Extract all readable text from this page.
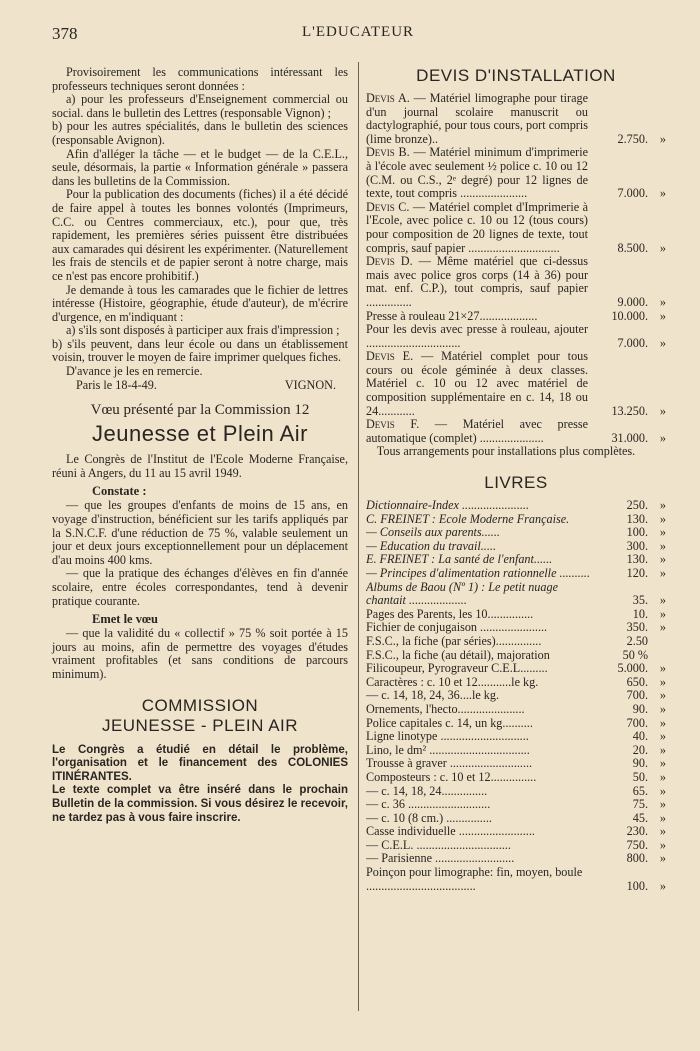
378	L'EDUCATEUR

Provisoirement les communications intéressant les professeurs techniques seront données :

a) pour les professeurs d'Enseignement commercial ou social. dans le bulletin des Lettres (responsable Vignon) ;

b) pour les autres spécialités, dans le bulletin des sciences (responsable Avignon).

Afin d'alléger la tâche — et le budget — de la C.E.L., seule, désormais, la partie « Information générale » passera dans les bulletins de la Commission.

Pour la publication des documents (fiches) il a été décidé de faire appel à toutes les bonnes volontés (Imprimeurs, C.C. ou Centres commerciaux, etc.), pour que, très rapidement, les premières séries puissent être distribuées aux camarades qui désirent les expérimenter. (Naturellement les frais de stencils et de papier seront à notre charge, mais ce n'est pas encore prohibitif.)

Je demande à tous les camarades que le fichier de lettres intéresse (Histoire, géographie, étude d'auteur), de m'écrire d'urgence, en m'indiquant :

a) s'ils sont disposés à participer aux frais d'impression ;

b) s'ils peuvent, dans leur école ou dans un établissement voisin, trouver le moyen de faire imprimer quelques fiches.

D'avance je les en remercie.

Paris le 18-4-49.	VIGNON.
Vœu présenté par la Commission 12
Jeunesse et Plein Air

Le Congrès de l'Institut de l'Ecole Moderne Française, réuni à Angers, du 11 au 15 avril 1949.

Constate :

— que les groupes d'enfants de moins de 15 ans, en voyage d'instruction, bénéficient sur les tarifs appliqués par la S.N.C.F. d'une réduction de 75 %, valable seulement un jour et deux jours exceptionnellement pour un déplacement d'au moins 400 kms.

— que la pratique des échanges d'élèves en fin d'année scolaire, entre écoles correspondantes, tend à devenir pratique courante.

Emet le vœu

— que la validité du « collectif » 75 % soit portée à 15 jours au moins, afin de permettre des voyages d'études vraiment profitables (et sans conditions de parcours minimum).

COMMISSION
JEUNESSE - PLEIN AIR

Le Congrès a étudié en détail le problème, l'organisation et le financement des COLONIES ITINÉRANTES.

Le texte complet va être inséré dans le prochain Bulletin de la commission. Si vous désirez le recevoir, ne tardez pas à vous faire inscrire.

DEVIS D'INSTALLATION
Devis A. — Matériel limographe pour tirage d'un journal scolaire manuscrit ou dactylographié, pour tous cours, port compris (lime bronze)..	2.750. »
Devis B. — Matériel minimum d'imprimerie à l'école avec seulement ½ police c. 10 ou 12 (C.M. ou C.S., 2ᵉ degré) pour 12 lignes de texte, tout compris ......................	7.000. »
Devis C. — Matériel complet d'Imprimerie à l'Ecole, avec police c. 10 ou 12 (tous cours) pour composition de 20 lignes de texte, tout compris, sauf papier ..............................	8.500. »
Devis D. — Même matériel que ci-dessus mais avec police gros corps (14 à 36) pour mat. enf. C.P.), tout compris, sauf papier ...............	9.000. »
Presse à rouleau 21×27...................	10.000. »
Pour les devis avec presse à rouleau, ajouter ...............................	7.000. »
Devis E. — Matériel complet pour tous cours ou école géminée à deux classes. Matériel c. 10 ou 12 avec matériel de composition supplémentaire en c. 14, 18 ou 24............	13.250. »
Devis F. — Matériel avec presse automatique (complet) .....................	31.000. »
Tous arrangements pour installations plus complètes.
LIVRES
Dictionnaire-Index ......................	250. »
C. FREINET : Ecole Moderne Française.	130. »
— Conseils aux parents......	100. »
— Education du travail.....	300. »
E. FREINET : La santé de l'enfant......	130. »
— Principes d'alimentation rationnelle ..........	120. »
Albums de Baou (Nº 1) : Le petit nuage chantait ...................	35. »
Pages des Parents, les 10...............	10. »
Fichier de conjugaison ......................	350. »
F.S.C., la fiche (par séries)...............	2.50
F.S.C., la fiche (au détail), majoration	50 %
Filicoupeur, Pyrograveur C.E.L.........	5.000. »
Caractères : c. 10 et 12...........le kg.	650. »
— c. 14, 18, 24, 36....le kg.	700. »
Ornements, l'hecto......................	90. »
Police capitales c. 14, un kg..........	700. »
Ligne linotype .............................	40. »
Lino, le dm² .................................	20. »
Trousse à graver ...........................	90. »
Composteurs : c. 10 et 12...............	50. »
— c. 14, 18, 24...............	65. »
— c. 36 ...........................	75. »
— c. 10 (8 cm.) ...............	45. »
Casse individuelle .........................	230. »
— C.E.L. ...............................	750. »
— Parisienne ..........................	800. »
Poinçon pour limographe: fin, moyen, boule ....................................	100. »
